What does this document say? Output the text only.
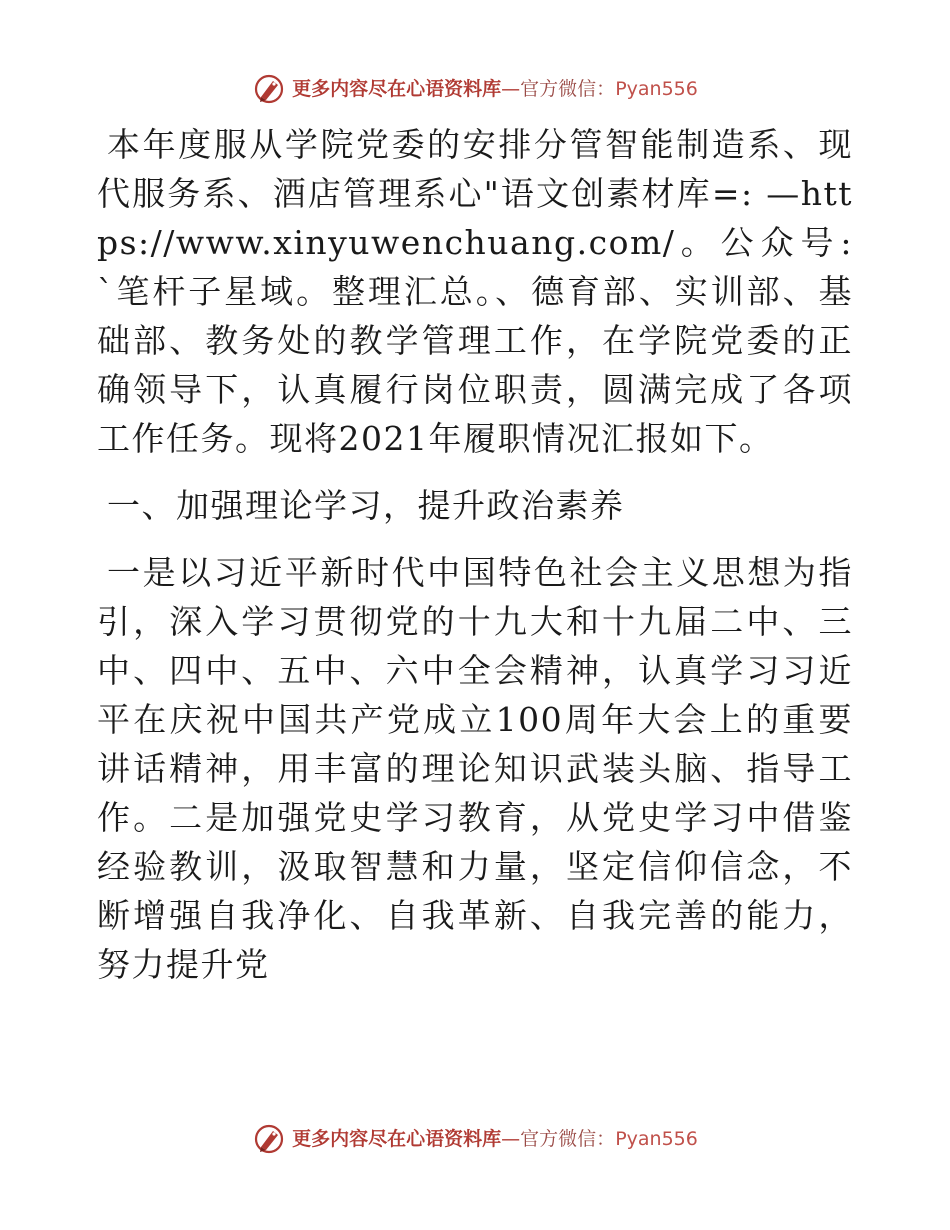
更多内容尽在心语资料库—官方微信：Pyan556

本年度服从学院党委的安排分管智能制造系、现代服务系、酒店管理系心"语文创素材库=: —https://www.xinyuwenchuang.com/。公众号: `笔杆子星域。整理汇总。、德育部、实训部、基础部、教务处的教学管理工作，在学院党委的正确领导下，认真履行岗位职责，圆满完成了各项工作任务。现将2021年履职情况汇报如下。

一、加强理论学习，提升政治素养

一是以习近平新时代中国特色社会主义思想为指引，深入学习贯彻党的十九大和十九届二中、三中、四中、五中、六中全会精神，认真学习习近平在庆祝中国共产党成立100周年大会上的重要讲话精神，用丰富的理论知识武装头脑、指导工作。二是加强党史学习教育，从党史学习中借鉴经验教训，汲取智慧和力量，坚定信仰信念，不断增强自我净化、自我革新、自我完善的能力，努力提升党

更多内容尽在心语资料库—官方微信：Pyan556
